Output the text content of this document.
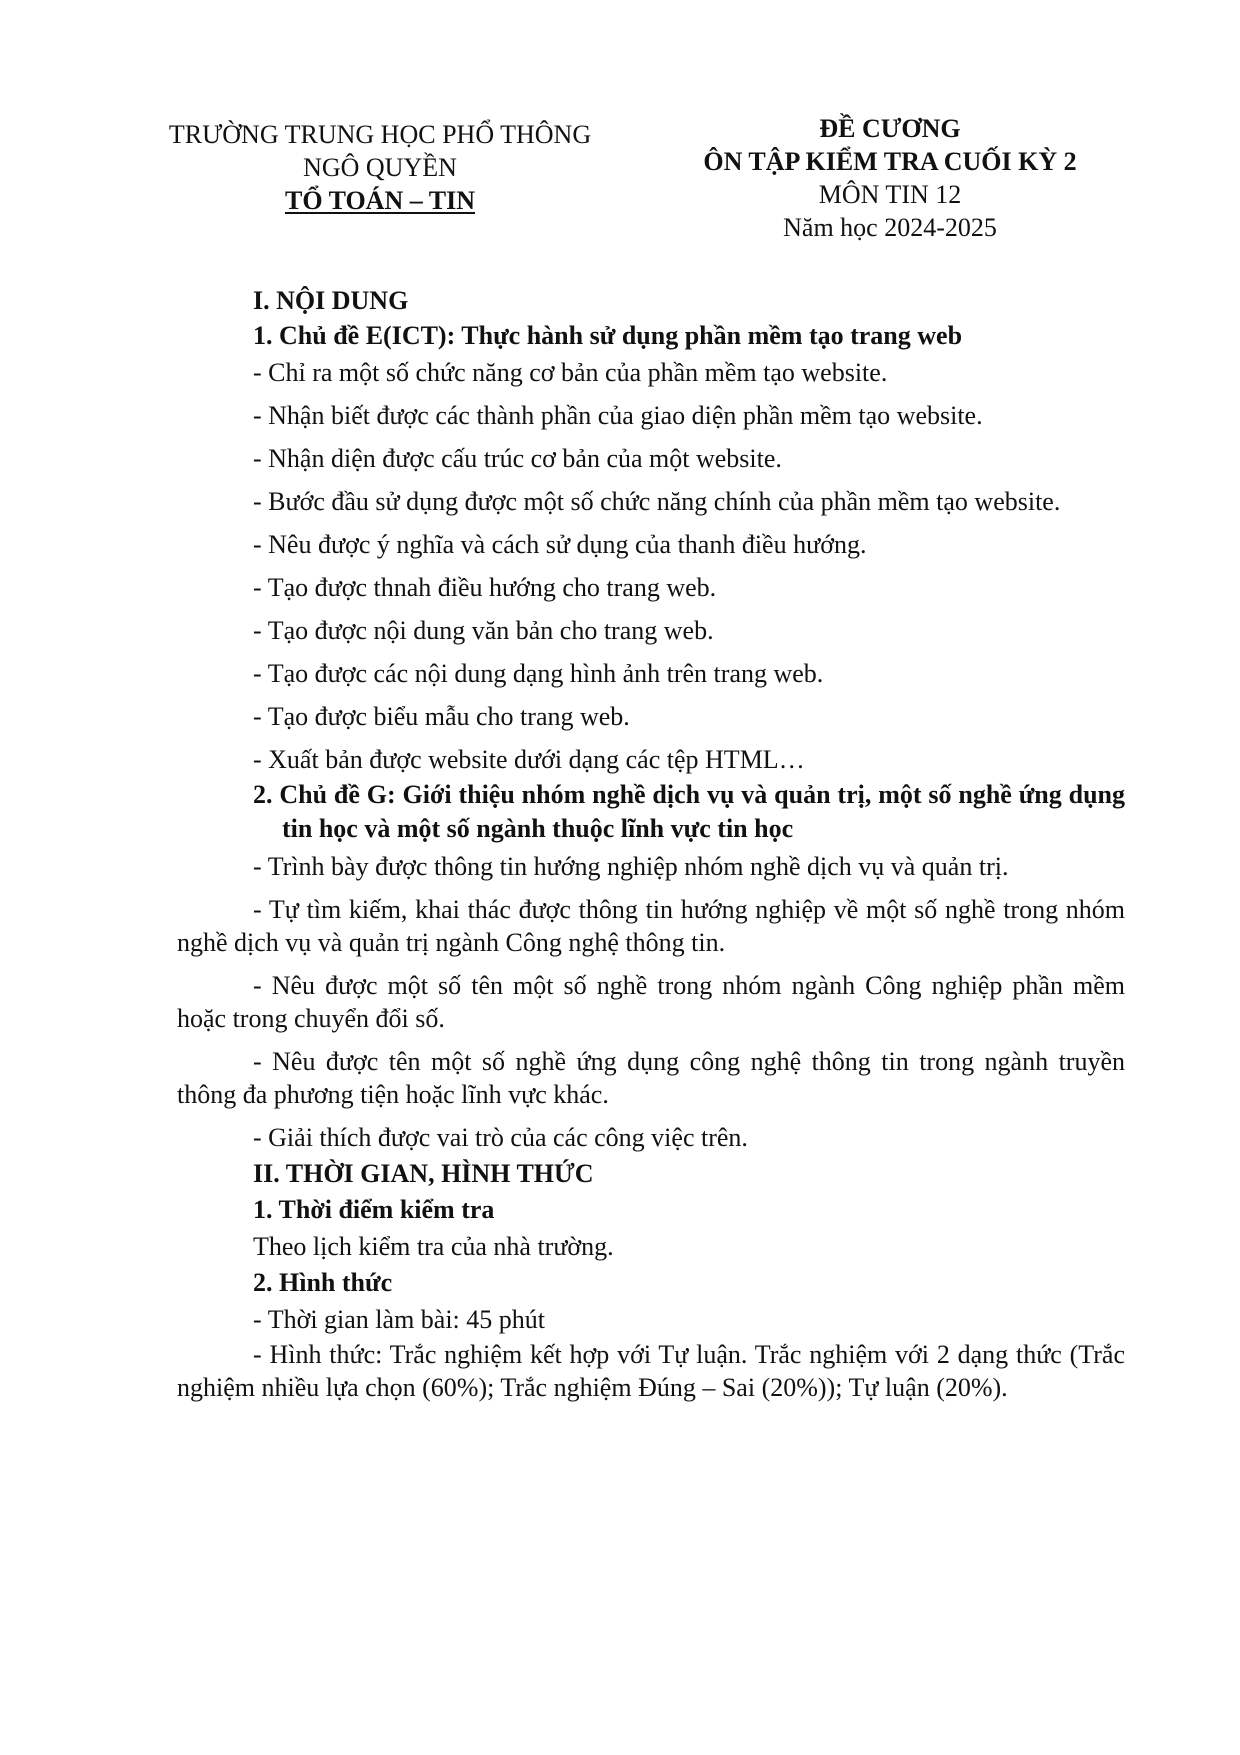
TRƯỜNG TRUNG HỌC PHỔ THÔNG
NGÔ QUYỀN
TỔ TOÁN – TIN
ĐỀ CƯƠNG
ÔN TẬP KIỂM TRA CUỐI KỲ 2
MÔN TIN 12
Năm học 2024-2025
I. NỘI DUNG
1. Chủ đề E(ICT): Thực hành sử dụng phần mềm tạo trang web
- Chỉ ra một số chức năng cơ bản của phần mềm tạo website.
- Nhận biết được các thành phần của giao diện phần mềm tạo website.
- Nhận diện được cấu trúc cơ bản của một website.
- Bước đầu sử dụng được một số chức năng chính của phần mềm tạo website.
- Nêu được ý nghĩa và cách sử dụng của thanh điều hướng.
- Tạo được thnah điều hướng cho trang web.
- Tạo được nội dung văn bản cho trang web.
- Tạo được các nội dung dạng hình ảnh trên trang web.
- Tạo được biểu mẫu cho trang web.
- Xuất bản được website dưới dạng các tệp HTML…
2. Chủ đề G: Giới thiệu nhóm nghề dịch vụ và quản trị, một số nghề ứng dụng tin học và một số ngành thuộc lĩnh vực tin học
- Trình bày được thông tin hướng nghiệp nhóm nghề dịch vụ và quản trị.
- Tự tìm kiếm, khai thác được thông tin hướng nghiệp về một số nghề trong nhóm nghề dịch vụ và quản trị ngành Công nghệ thông tin.
- Nêu được một số tên một số nghề trong nhóm ngành Công nghiệp phần mềm hoặc trong chuyển đổi số.
- Nêu được tên một số nghề ứng dụng công nghệ thông tin trong ngành truyền thông đa phương tiện hoặc lĩnh vực khác.
- Giải thích được vai trò của các công việc trên.
II. THỜI GIAN, HÌNH THỨC
1. Thời điểm kiểm tra
Theo lịch kiểm tra của nhà trường.
2. Hình thức
- Thời gian làm bài: 45 phút
- Hình thức: Trắc nghiệm kết hợp với Tự luận. Trắc nghiệm với 2 dạng thức (Trắc nghiệm nhiều lựa chọn (60%); Trắc nghiệm Đúng – Sai (20%)); Tự luận (20%).
